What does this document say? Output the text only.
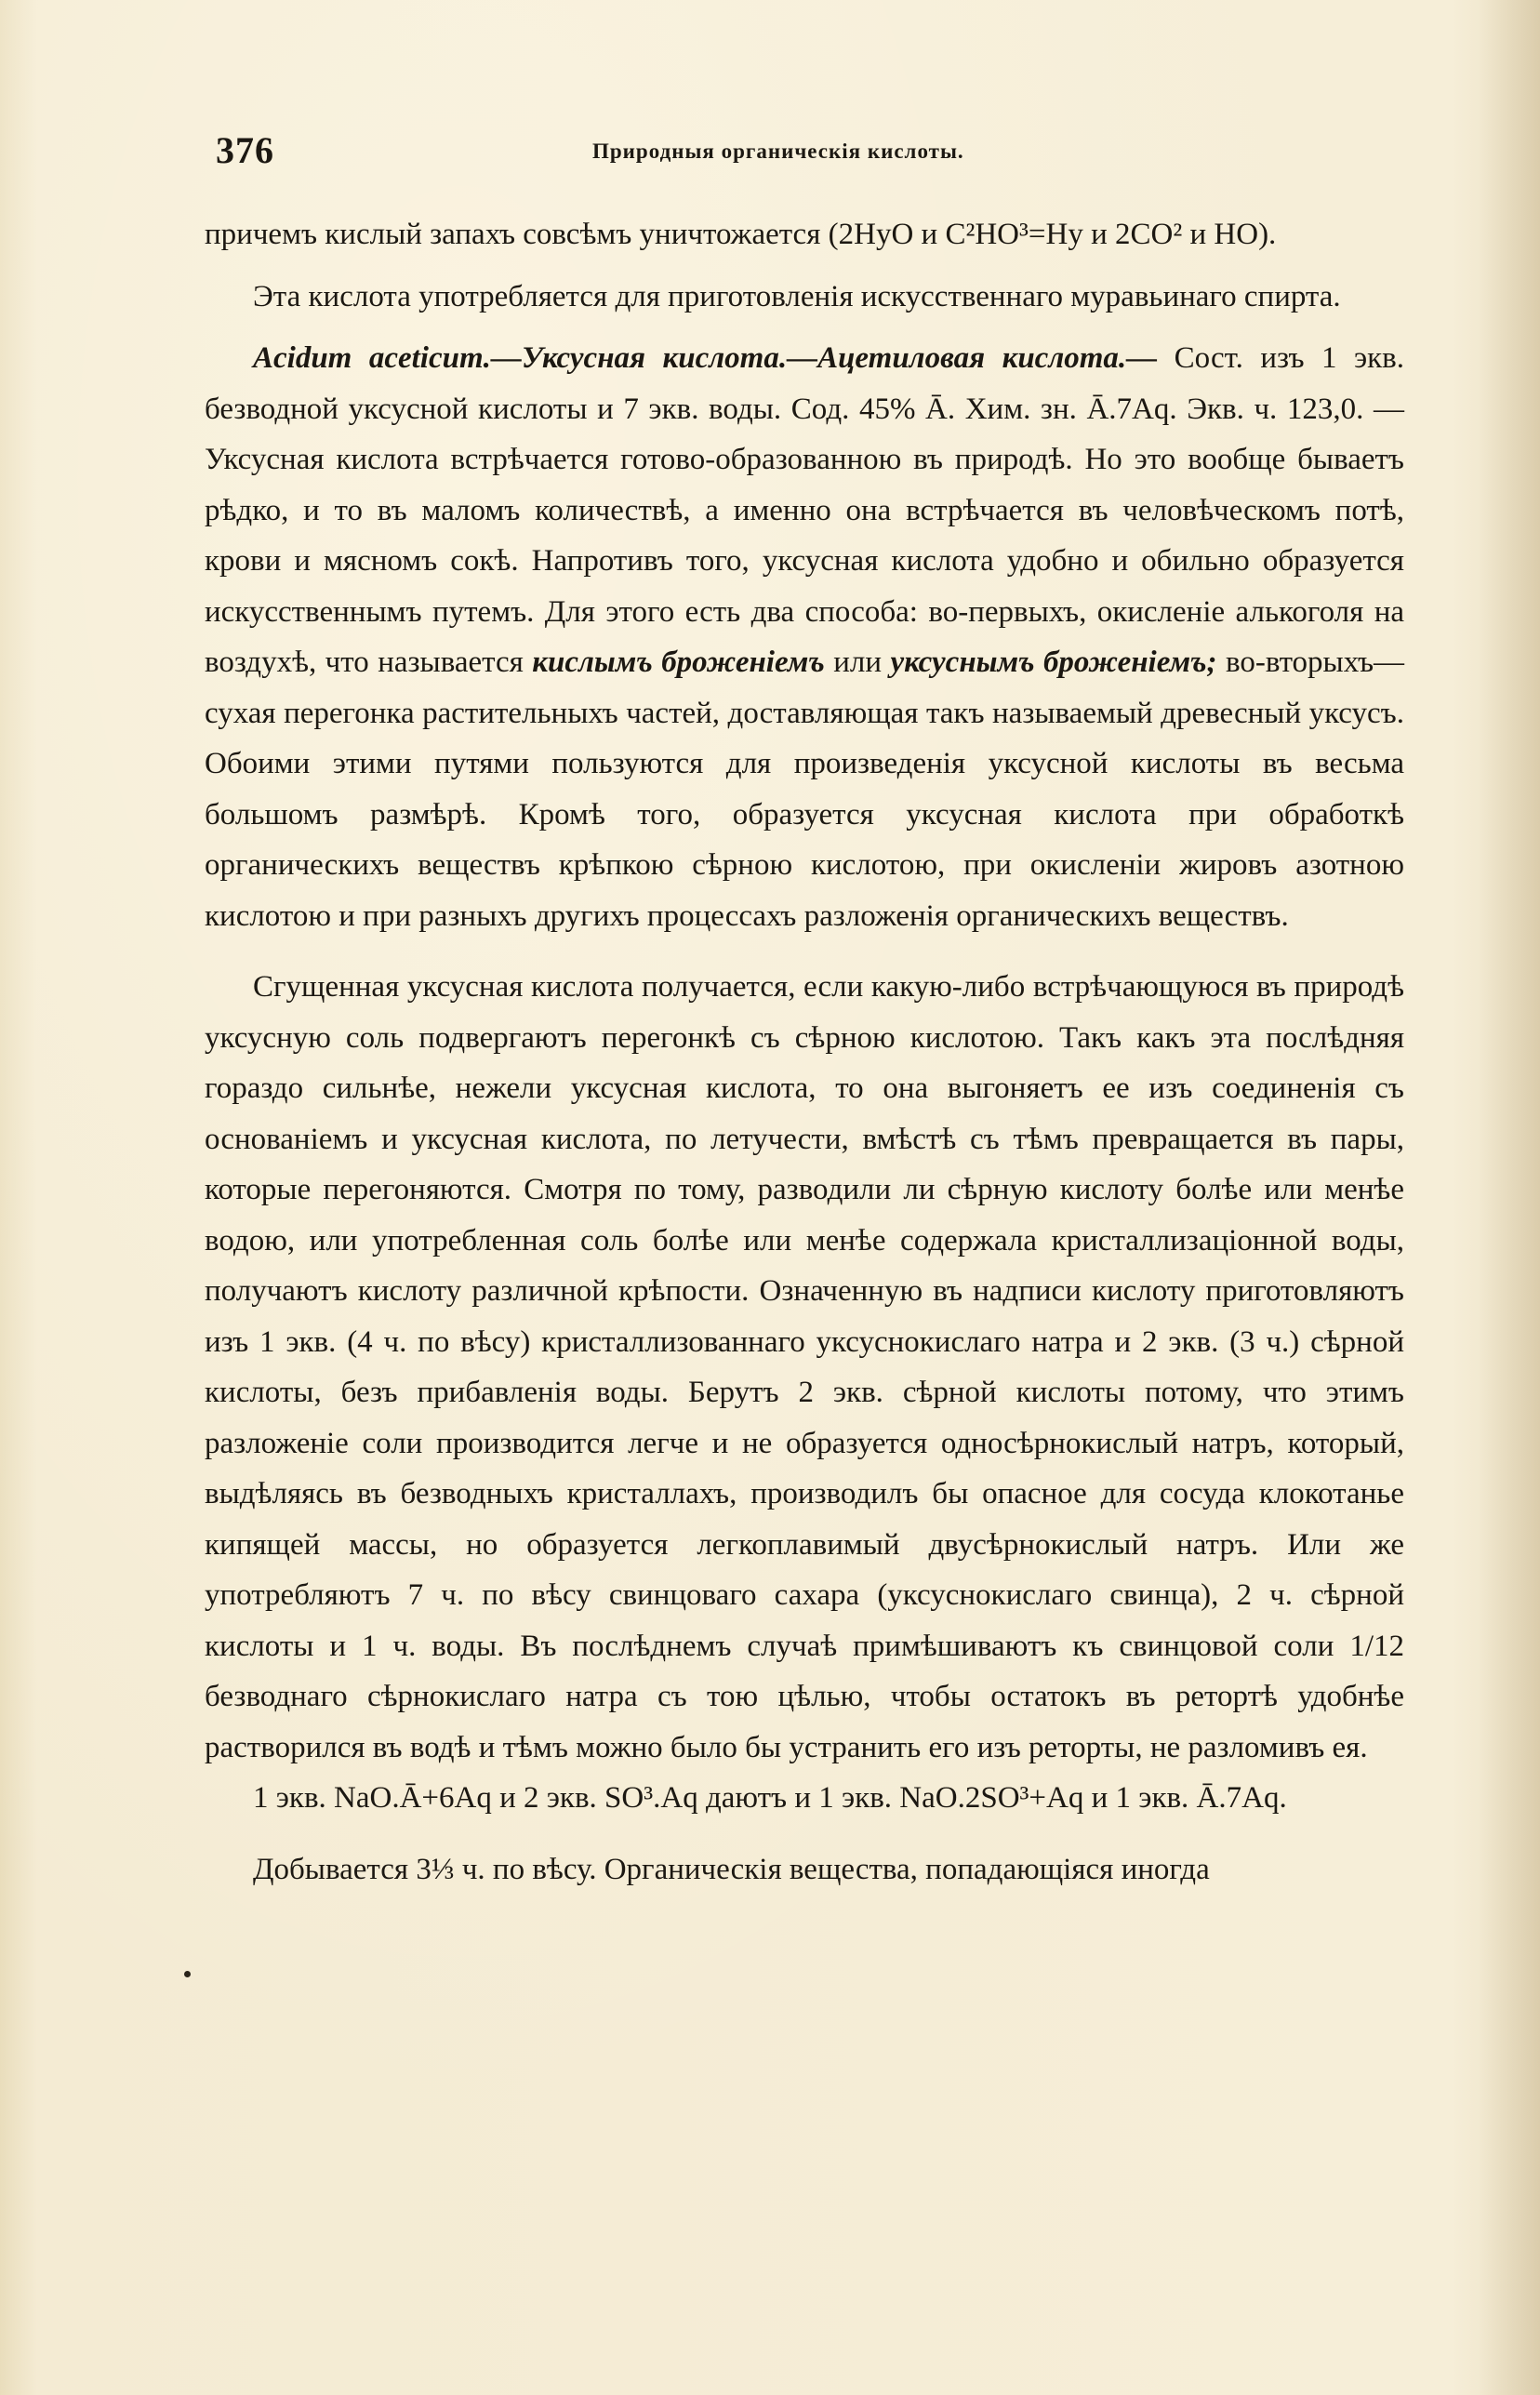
376	Природныя органическія кислоты.

причемъ кислый запахъ совсѣмъ уничтожается (2НуО и C²НО³=Ну и 2СО² и НО).

Эта кислота употребляется для приготовленія искусственнаго муравьинаго спирта.

Acidum aceticum.—Уксусная кислота.—Ацетиловая кислота.— Сост. изъ 1 экв. безводной уксусной кислоты и 7 экв. воды. Сод. 45% Ā. Хим. зн. Ā.7Aq. Экв. ч. 123,0. — Уксусная кислота встрѣчается готово-образованною въ природѣ. Но это вообще бываетъ рѣдко, и то въ маломъ количествѣ, а именно она встрѣчается въ человѣческомъ потѣ, крови и мясномъ сокѣ. Напротивъ того, уксусная кислота удобно и обильно образуется искусственнымъ путемъ. Для этого есть два способа: во-первыхъ, окисленіе алькоголя на воздухѣ, что называется кислымъ броженіемъ или уксуснымъ броженіемъ; во-вторыхъ—сухая перегонка растительныхъ частей, доставляющая такъ называемый древесный уксусъ. Обоими этими путями пользуются для произведенія уксусной кислоты въ весьма большомъ размѣрѣ. Кромѣ того, образуется уксусная кислота при обработкѣ органическихъ веществъ крѣпкою сѣрною кислотою, при окисленіи жировъ азотною кислотою и при разныхъ другихъ процессахъ разложенія органическихъ веществъ.

Сгущенная уксусная кислота получается, если какую-либо встрѣчающуюся въ природѣ уксусную соль подвергаютъ перегонкѣ съ сѣрною кислотою. Такъ какъ эта послѣдняя гораздо сильнѣе, нежели уксусная кислота, то она выгоняетъ ее изъ соединенія съ основаніемъ и уксусная кислота, по летучести, вмѣстѣ съ тѣмъ превращается въ пары, которые перегоняются. Смотря по тому, разводили ли сѣрную кислоту болѣе или менѣе водою, или употребленная соль болѣе или менѣе содержала кристаллизаціонной воды, получаютъ кислоту различной крѣпости. Означенную въ надписи кислоту приготовляютъ изъ 1 экв. (4 ч. по вѣсу) кристаллизованнаго уксуснокислаго натра и 2 экв. (3 ч.) сѣрной кислоты, безъ прибавленія воды. Берутъ 2 экв. сѣрной кислоты потому, что этимъ разложеніе соли производится легче и не образуется односѣрнокислый натръ, который, выдѣляясь въ безводныхъ кристаллахъ, производилъ бы опасное для сосуда клокотанье кипящей массы, но образуется легкоплавимый двусѣрнокислый натръ. Или же употребляютъ 7 ч. по вѣсу свинцоваго сахара (уксуснокислаго свинца), 2 ч. сѣрной кислоты и 1 ч. воды. Въ послѣднемъ случаѣ примѣшиваютъ къ свинцовой соли 1/12 безводнаго сѣрнокислаго натра съ тою цѣлью, чтобы остатокъ въ ретортѣ удобнѣе растворился въ водѣ и тѣмъ можно было бы устранить его изъ реторты, не разломивъ ея.

1 экв. NaO.Ā+6Aq и 2 экв. SO³.Aq даютъ и 1 экв. NaO.2SO³+Aq и 1 экв. Ā.7Aq.

Добывается 3⅓ ч. по вѣсу. Органическія вещества, попадающіяся иногда
